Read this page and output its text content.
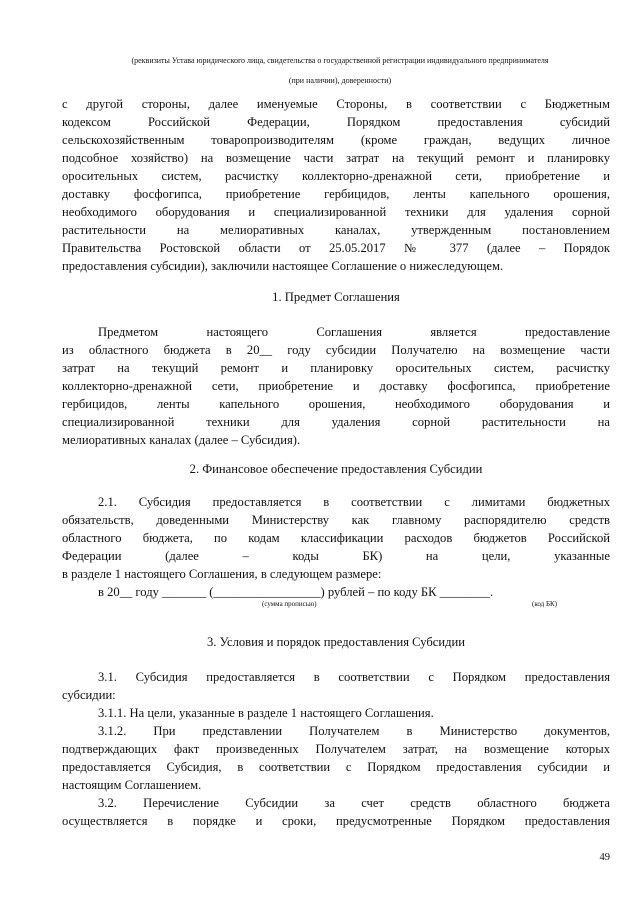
(реквизиты Устава юридического лица, свидетельства о государственной регистрации индивидуального предпринимателя
(при наличии), доверенности)

с другой стороны, далее именуемые Стороны, в соответствии с Бюджетным

кодексом Российской Федерации, Порядком предоставления субсидий

сельскохозяйственным товаропроизводителям (кроме граждан, ведущих личное

подсобное хозяйство) на возмещение части затрат на текущий ремонт и планировку

оросительных систем, расчистку коллекторно-дренажной сети, приобретение и

доставку фосфогипса, приобретение гербицидов, ленты капельного орошения,

необходимого оборудования и специализированной техники для удаления сорной

растительности на мелиоративных каналах, утвержденным постановлением

Правительства Ростовской области от 25.05.2017 № 377 (далее – Порядок

предоставления субсидии), заключили настоящее Соглашение о нижеследующем.

1. Предмет Соглашения

Предметом настоящего Соглашения является предоставление

из областного бюджета в 20__ году субсидии Получателю на возмещение части

затрат на текущий ремонт и планировку оросительных систем, расчистку

коллекторно-дренажной сети, приобретение и доставку фосфогипса, приобретение

гербицидов, ленты капельного орошения, необходимого оборудования и

специализированной техники для удаления сорной растительности на

мелиоративных каналах (далее – Субсидия).

2. Финансовое обеспечение предоставления Субсидии

2.1. Субсидия предоставляется в соответствии с лимитами бюджетных

обязательств, доведенными Министерству как главному распорядителю средств

областного бюджета, по кодам классификации расходов бюджетов Российской

Федерации (далее – коды БК) на цели, указанные

в разделе 1 настоящего Соглашения, в следующем размере:

в 20__ году _______ (_________________) рублей – по коду БК ________.
(сумма прописью)	(код БК)
3. Условия и порядок предоставления Субсидии

3.1. Субсидия предоставляется в соответствии с Порядком предоставления

субсидии:

3.1.1. На цели, указанные в разделе 1 настоящего Соглашения.

3.1.2. При представлении Получателем в Министерство документов,

подтверждающих факт произведенных Получателем затрат, на возмещение которых

предоставляется Субсидия, в соответствии с Порядком предоставления субсидии и

настоящим Соглашением.

3.2. Перечисление Субсидии за счет средств областного бюджета

осуществляется в порядке и сроки, предусмотренные Порядком предоставления

49
